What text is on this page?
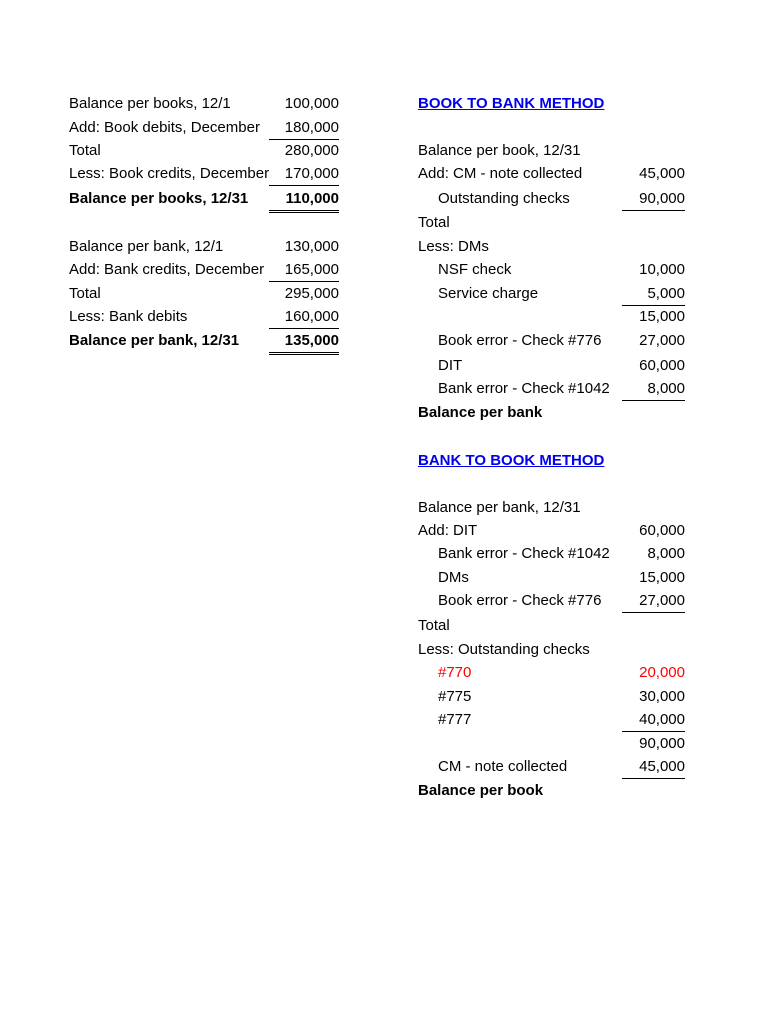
Balance per books, 12/1	100,000
Add: Book debits, December	180,000
Total	280,000
Less: Book credits, December	170,000
Balance per books, 12/31	110,000
Balance per bank, 12/1	130,000
Add: Bank credits, December	165,000
Total	295,000
Less: Bank debits	160,000
Balance per bank, 12/31	135,000
BOOK TO BANK METHOD
Balance per book, 12/31
Add: CM - note collected	45,000
Outstanding checks	90,000
Total
Less: DMs
NSF check	10,000
Service charge	5,000
15,000
Book error - Check #776	27,000
DIT	60,000
Bank error - Check #1042	8,000
Balance per bank
BANK TO BOOK METHOD
Balance per bank, 12/31
Add: DIT	60,000
Bank error - Check #1042	8,000
DMs	15,000
Book error - Check #776	27,000
Total
Less: Outstanding checks
#770	20,000
#775	30,000
#777	40,000
90,000
CM - note collected	45,000
Balance per book
